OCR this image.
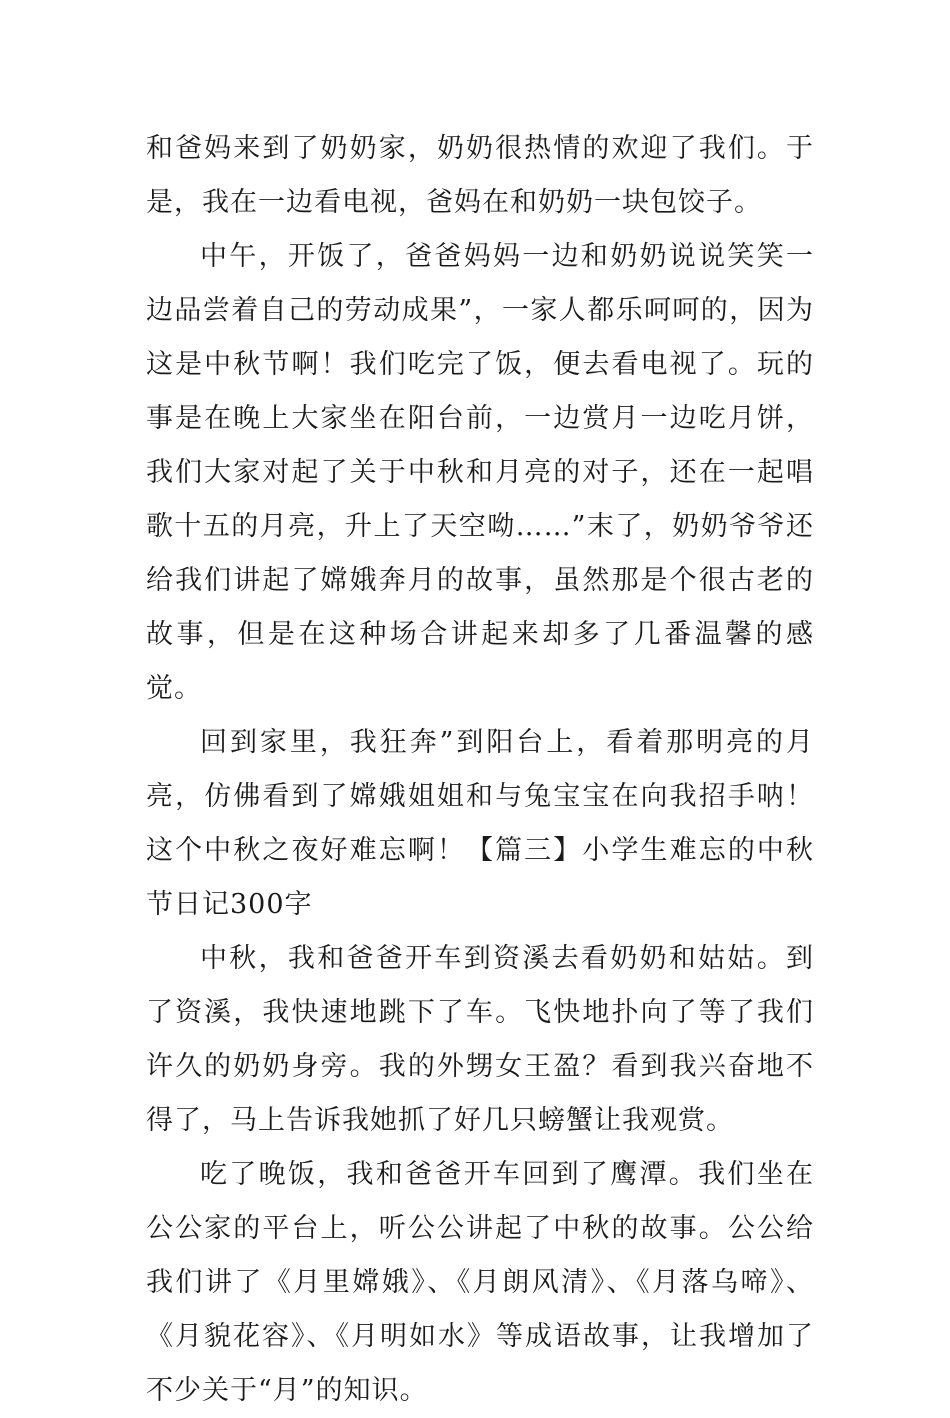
和爸妈来到了奶奶家，奶奶很热情的欢迎了我们。于是，我在一边看电视，爸妈在和奶奶一块包饺子。

中午，开饭了，爸爸妈妈一边和奶奶说说笑笑一边品尝着自己的劳动成果”，一家人都乐呵呵的，因为这是中秋节啊！我们吃完了饭，便去看电视了。玩的事是在晚上大家坐在阳台前，一边赏月一边吃月饼，我们大家对起了关于中秋和月亮的对子，还在一起唱歌十五的月亮，升上了天空呦……”末了，奶奶爷爷还给我们讲起了嫦娥奔月的故事，虽然那是个很古老的故事，但是在这种场合讲起来却多了几番温馨的感觉。

回到家里，我狂奔”到阳台上，看着那明亮的月亮，仿佛看到了嫦娥姐姐和与兔宝宝在向我招手呐！这个中秋之夜好难忘啊！【篇三】小学生难忘的中秋节日记300字

中秋，我和爸爸开车到资溪去看奶奶和姑姑。到了资溪，我快速地跳下了车。飞快地扑向了等了我们许久的奶奶身旁。我的外甥女王盈？看到我兴奋地不得了，马上告诉我她抓了好几只螃蟹让我观赏。

吃了晚饭，我和爸爸开车回到了鹰潭。我们坐在公公家的平台上，听公公讲起了中秋的故事。公公给我们讲了《月里嫦娥》、《月朗风清》、《月落乌啼》、《月貌花容》、《月明如水》等成语故事，让我增加了不少关于“月”的知识。
